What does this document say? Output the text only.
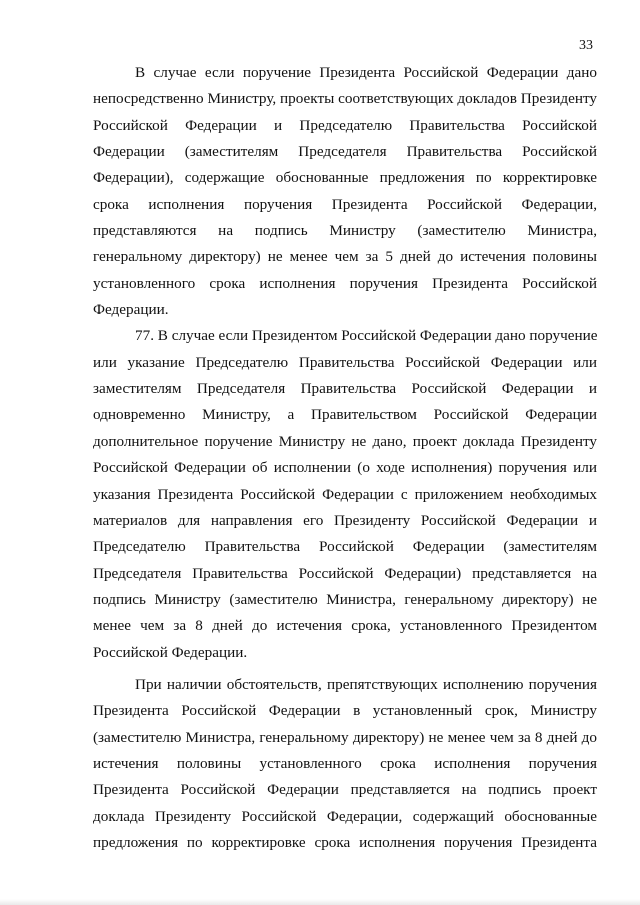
33
В случае если поручение Президента Российской Федерации дано
непосредственно Министру, проекты соответствующих докладов Президенту
Российской Федерации и Председателю Правительства Российской
Федерации (заместителям Председателя Правительства Российской
Федерации), содержащие обоснованные предложения по корректировке
срока исполнения поручения Президента Российской Федерации,
представляются на подпись Министру (заместителю Министра,
генеральному директору) не менее чем за 5 дней до истечения половины
установленного срока исполнения поручения Президента Российской
Федерации.
77. В случае если Президентом Российской Федерации дано поручение
или указание Председателю Правительства Российской Федерации или
заместителям Председателя Правительства Российской Федерации и
одновременно Министру, а Правительством Российской Федерации
дополнительное поручение Министру не дано, проект доклада Президенту
Российской Федерации об исполнении (о ходе исполнения) поручения или
указания Президента Российской Федерации с приложением необходимых
материалов для направления его Президенту Российской Федерации и
Председателю Правительства Российской Федерации (заместителям
Председателя Правительства Российской Федерации) представляется на
подпись Министру (заместителю Министра, генеральному директору) не
менее чем за 8 дней до истечения срока, установленного Президентом
Российской Федерации.
При наличии обстоятельств, препятствующих исполнению поручения
Президента Российской Федерации в установленный срок, Министру
(заместителю Министра, генеральному директору) не менее чем за 8 дней до
истечения половины установленного срока исполнения поручения
Президента Российской Федерации представляется на подпись проект
доклада Президенту Российской Федерации, содержащий обоснованные
предложения по корректировке срока исполнения поручения Президента
